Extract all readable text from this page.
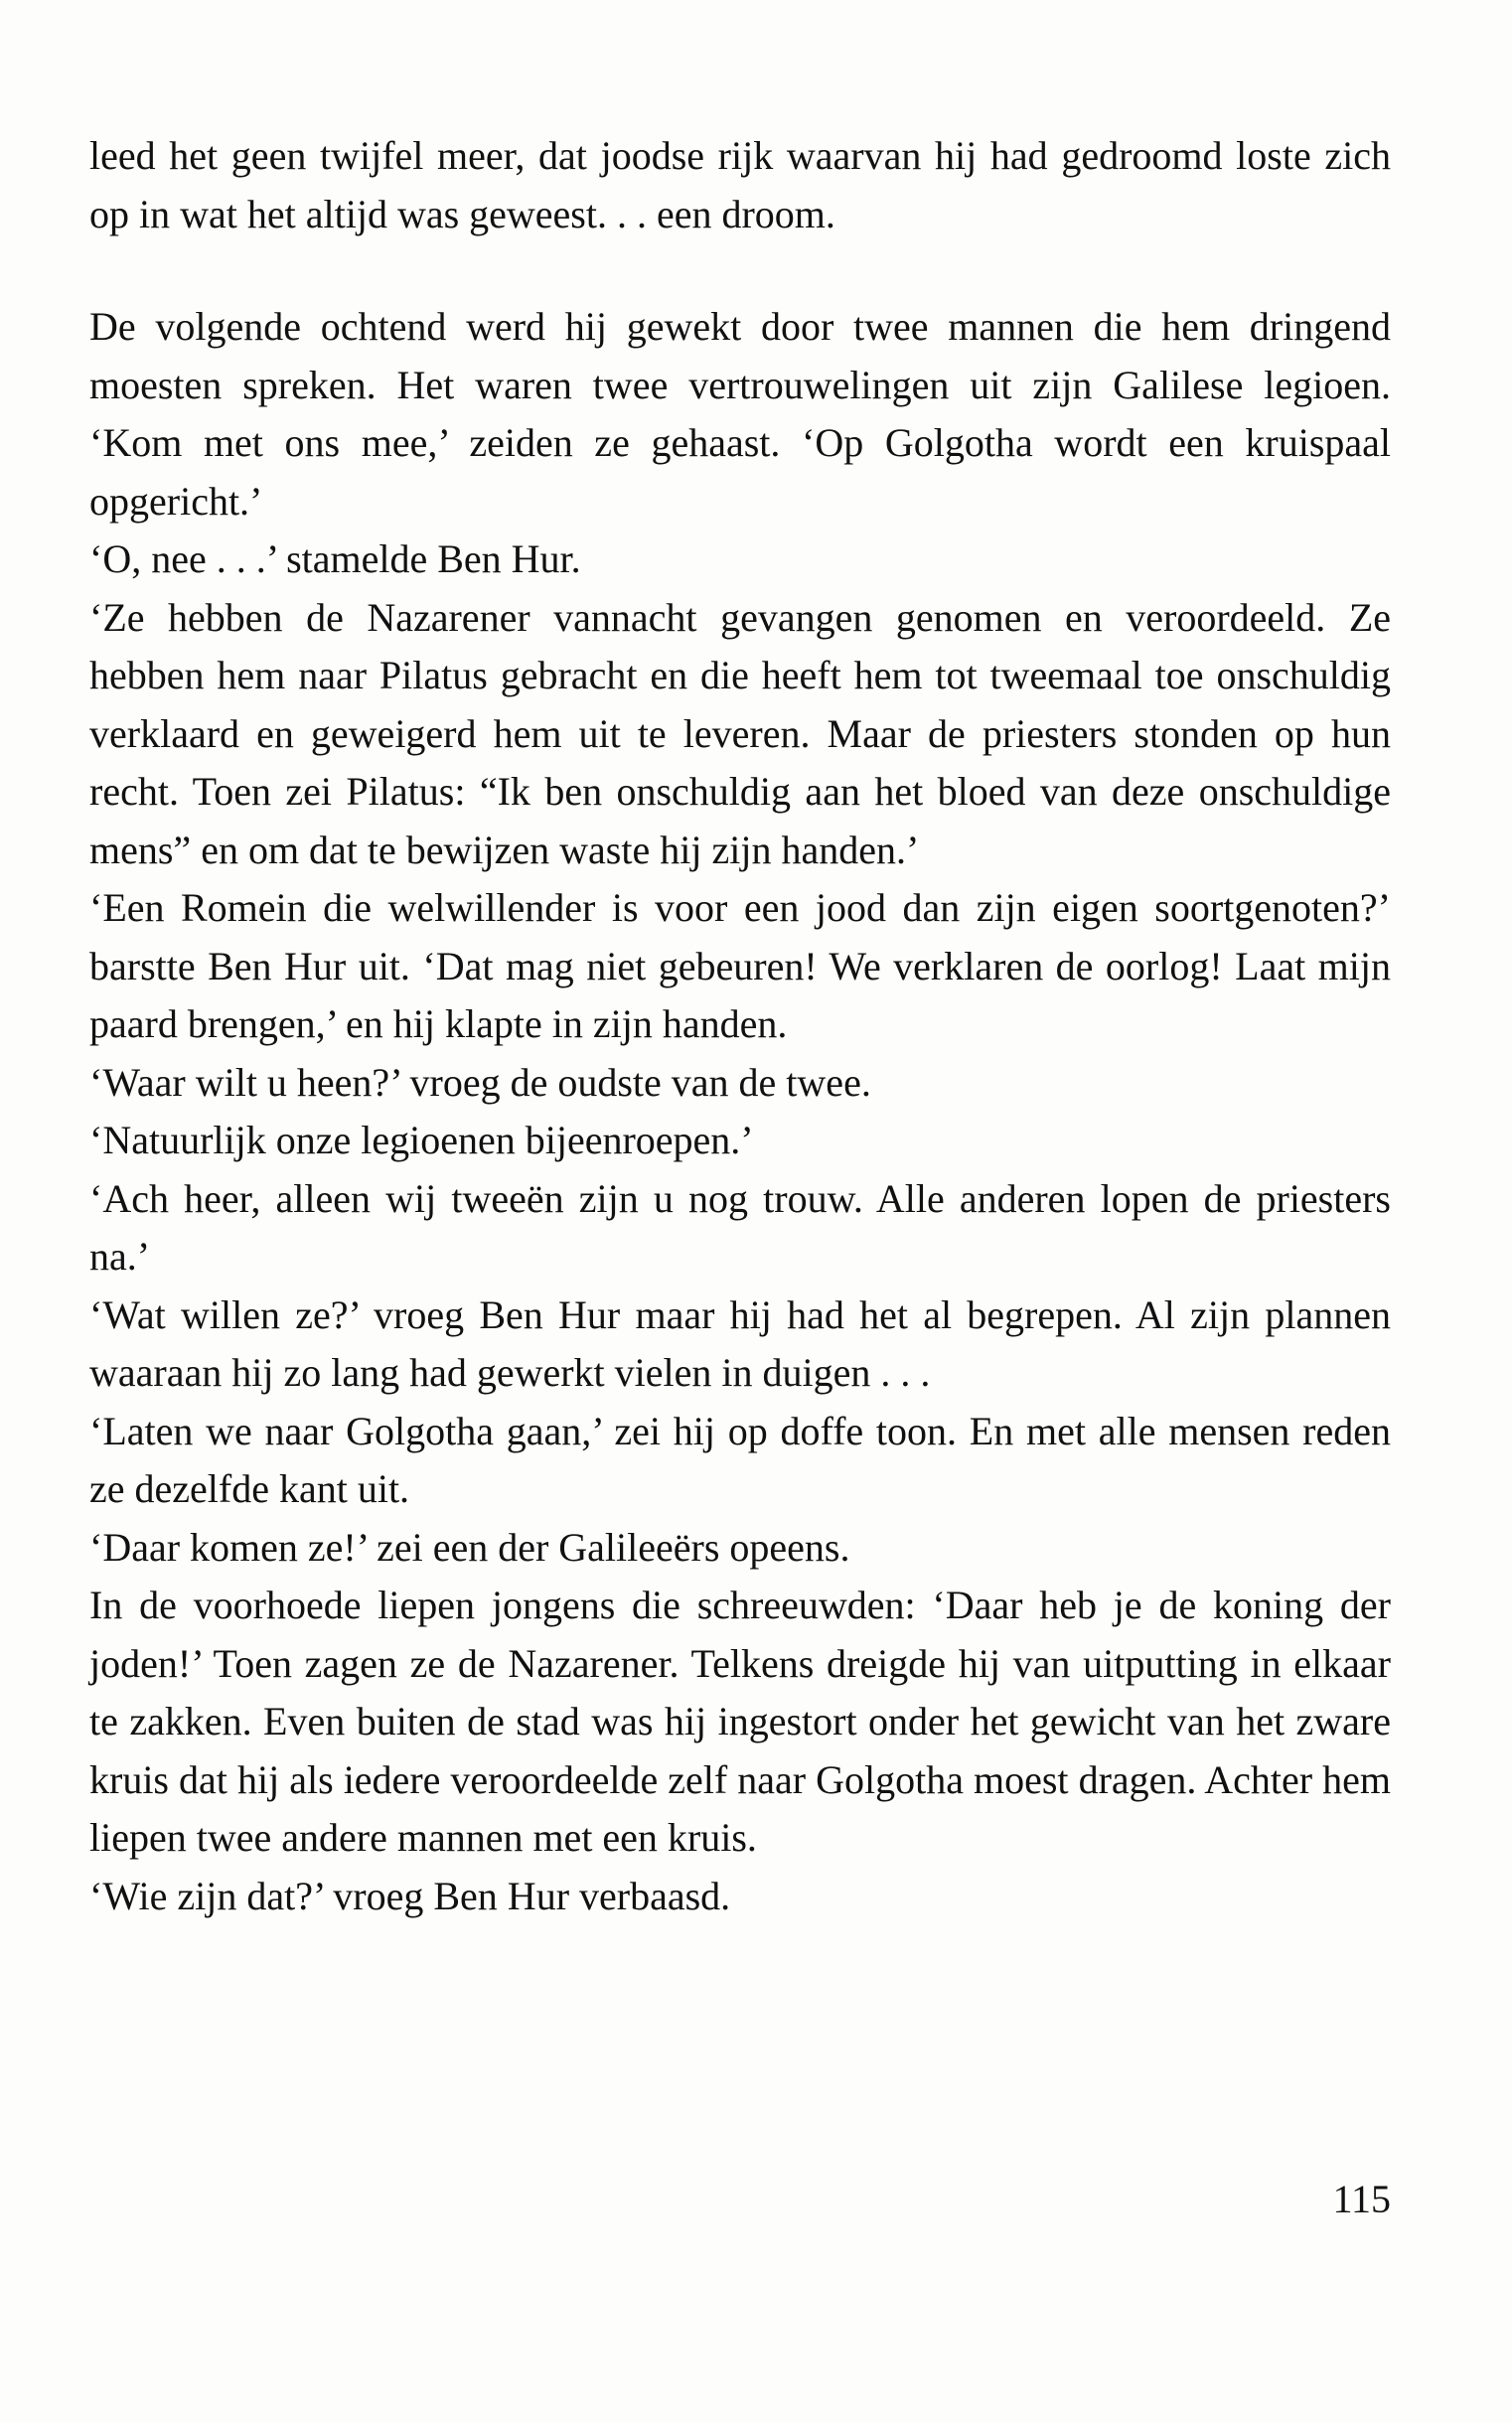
leed het geen twijfel meer, dat joodse rijk waarvan hij had gedroomd loste zich op in wat het altijd was geweest. . . een droom.

De volgende ochtend werd hij gewekt door twee mannen die hem dringend moesten spreken. Het waren twee vertrouwelingen uit zijn Galilese legioen. ‘Kom met ons mee,’ zeiden ze gehaast. ‘Op Golgotha wordt een kruispaal opgericht.’

‘O, nee . . .’ stamelde Ben Hur.

‘Ze hebben de Nazarener vannacht gevangen genomen en veroordeeld. Ze hebben hem naar Pilatus gebracht en die heeft hem tot tweemaal toe onschuldig verklaard en geweigerd hem uit te leveren. Maar de priesters stonden op hun recht. Toen zei Pilatus: “Ik ben onschuldig aan het bloed van deze onschuldige mens” en om dat te bewijzen waste hij zijn handen.’

‘Een Romein die welwillender is voor een jood dan zijn eigen soortgenoten?’ barstte Ben Hur uit. ‘Dat mag niet gebeuren! We verklaren de oorlog! Laat mijn paard brengen,’ en hij klapte in zijn handen.

‘Waar wilt u heen?’ vroeg de oudste van de twee.

‘Natuurlijk onze legioenen bijeenroepen.’

‘Ach heer, alleen wij tweeën zijn u nog trouw. Alle anderen lopen de priesters na.’

‘Wat willen ze?’ vroeg Ben Hur maar hij had het al begrepen. Al zijn plannen waaraan hij zo lang had gewerkt vielen in duigen . . .

‘Laten we naar Golgotha gaan,’ zei hij op doffe toon. En met alle mensen reden ze dezelfde kant uit.

‘Daar komen ze!’ zei een der Galileeërs opeens.

In de voorhoede liepen jongens die schreeuwden: ‘Daar heb je de koning der joden!’ Toen zagen ze de Nazarener. Telkens dreigde hij van uitputting in elkaar te zakken. Even buiten de stad was hij ingestort onder het gewicht van het zware kruis dat hij als iedere veroordeelde zelf naar Golgotha moest dragen. Achter hem liepen twee andere mannen met een kruis.

‘Wie zijn dat?’ vroeg Ben Hur verbaasd.

115
